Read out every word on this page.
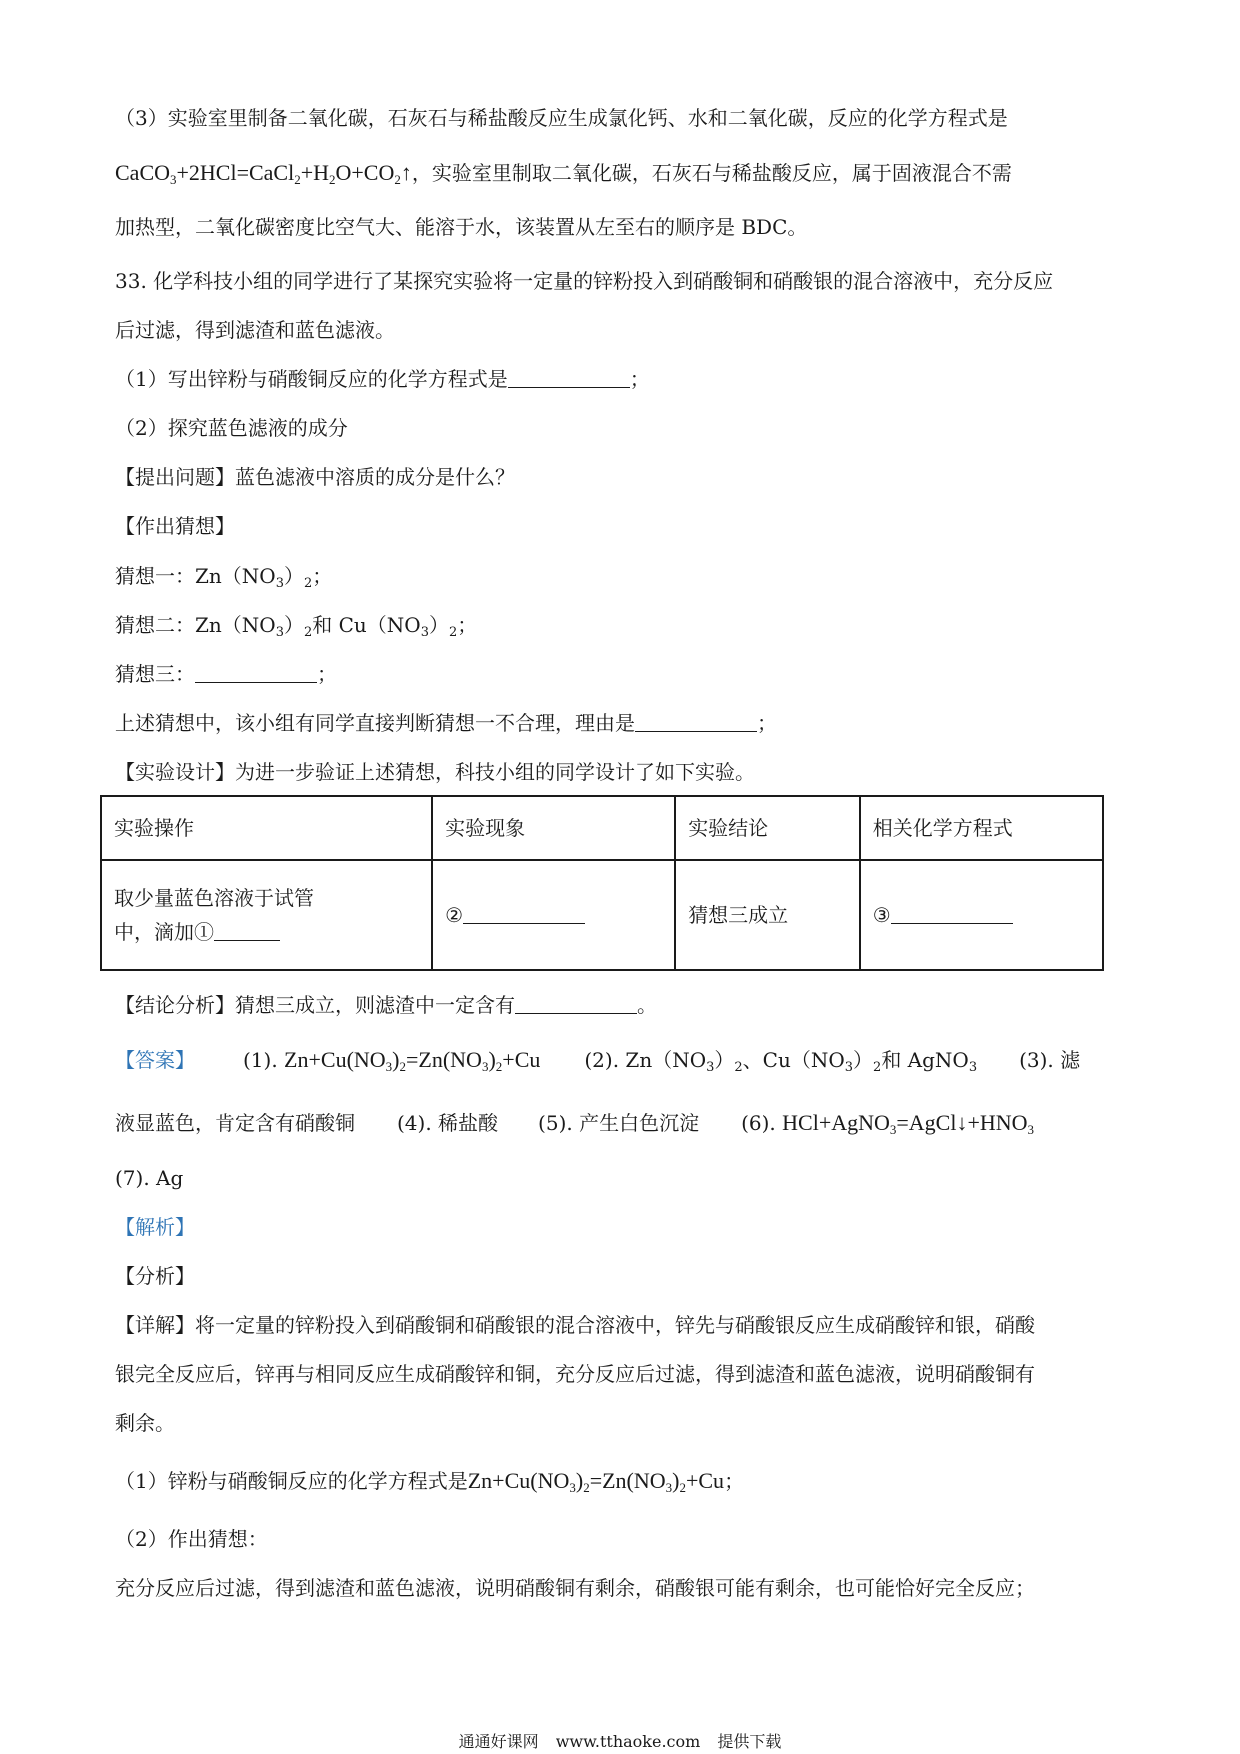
（3）实验室里制备二氧化碳，石灰石与稀盐酸反应生成氯化钙、水和二氧化碳，反应的化学方程式是
$CaCO_3+2HCl=CaCl_2+H_2O+CO_2↑$，实验室里制取二氧化碳，石灰石与稀盐酸反应，属于固液混合不需
加热型，二氧化碳密度比空气大、能溶于水，该装置从左至右的顺序是 BDC。
33. 化学科技小组的同学进行了某探究实验将一定量的锌粉投入到硝酸铜和硝酸银的混合溶液中，充分反应
后过滤，得到滤渣和蓝色滤液。
（1）写出锌粉与硝酸铜反应的化学方程式是	；
（2）探究蓝色滤液的成分
【提出问题】蓝色滤液中溶质的成分是什么？
【作出猜想】
猜想一：$Zn(NO_3)_2$；
猜想二：$Zn(NO_3)_2$和 $Cu(NO_3)_2$；
猜想三：	；
上述猜想中，该小组有同学直接判断猜想一不合理，理由是	；
【实验设计】为进一步验证上述猜想，科技小组的同学设计了如下实验。
实验操作	实验现象	实验结论	相关化学方程式

取少量蓝色溶液于试管
中，滴加①	②	猜想三成立	③
【结论分析】猜想三成立，则滤渣中一定含有	。
【答案】 (1). $Zn+Cu(NO_3)_2=Zn(NO_3)_2+Cu$ (2). $Zn(NO_3)_2$、$Cu(NO_3)_2$和 AgNO$_3$ (3). 滤
液显蓝色，肯定含有硝酸铜 (4). 稀盐酸 (5). 产生白色沉淀 (6). $HCl+AgNO_3=AgCl↓+HNO_3$
(7). Ag
【解析】
【分析】
【详解】将一定量的锌粉投入到硝酸铜和硝酸银的混合溶液中，锌先与硝酸银反应生成硝酸锌和银，硝酸
银完全反应后，锌再与相同反应生成硝酸锌和铜，充分反应后过滤，得到滤渣和蓝色滤液，说明硝酸铜有
剩余。
（1）锌粉与硝酸铜反应的化学方程式是$Zn+Cu(NO_3)_2=Zn(NO_3)_2+Cu$；
（2）作出猜想：
充分反应后过滤，得到滤渣和蓝色滤液，说明硝酸铜有剩余，硝酸银可能有剩余，也可能恰好完全反应；
通通好课网 www.tthaoke.com 提供下载
